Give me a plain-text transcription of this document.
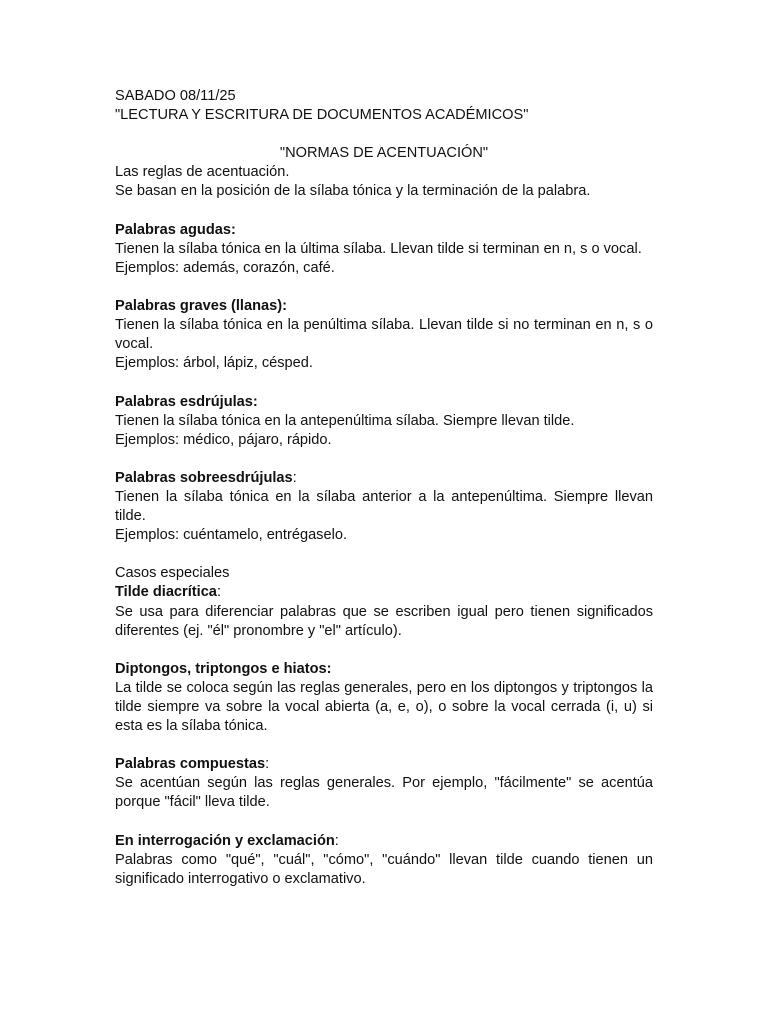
SABADO 08/11/25

"LECTURA Y ESCRITURA DE DOCUMENTOS ACADÉMICOS"

"NORMAS DE ACENTUACIÓN"

Las reglas de acentuación.

Se basan en la posición de la sílaba tónica y la terminación de la palabra.

Palabras agudas:

Tienen la sílaba tónica en la última sílaba. Llevan tilde si terminan en n, s o vocal.

Ejemplos: además, corazón, café.

Palabras graves (llanas):

Tienen la sílaba tónica en la penúltima sílaba. Llevan tilde si no terminan en n, s o vocal.

Ejemplos: árbol, lápiz, césped.

Palabras esdrújulas:

Tienen la sílaba tónica en la antepenúltima sílaba. Siempre llevan tilde.

Ejemplos: médico, pájaro, rápido.

Palabras sobreesdrújulas:

Tienen la sílaba tónica en la sílaba anterior a la antepenúltima. Siempre llevan tilde.

Ejemplos: cuéntamelo, entrégaselo.

Casos especiales

Tilde diacrítica:

Se usa para diferenciar palabras que se escriben igual pero tienen significados diferentes (ej. "él" pronombre y "el" artículo).

Diptongos, triptongos e hiatos:

La tilde se coloca según las reglas generales, pero en los diptongos y triptongos la tilde siempre va sobre la vocal abierta (a, e, o), o sobre la vocal cerrada (i, u) si esta es la sílaba tónica.

Palabras compuestas:

Se acentúan según las reglas generales. Por ejemplo, "fácilmente" se acentúa porque "fácil" lleva tilde.

En interrogación y exclamación:

Palabras como "qué", "cuál", "cómo", "cuándo" llevan tilde cuando tienen un significado interrogativo o exclamativo.
